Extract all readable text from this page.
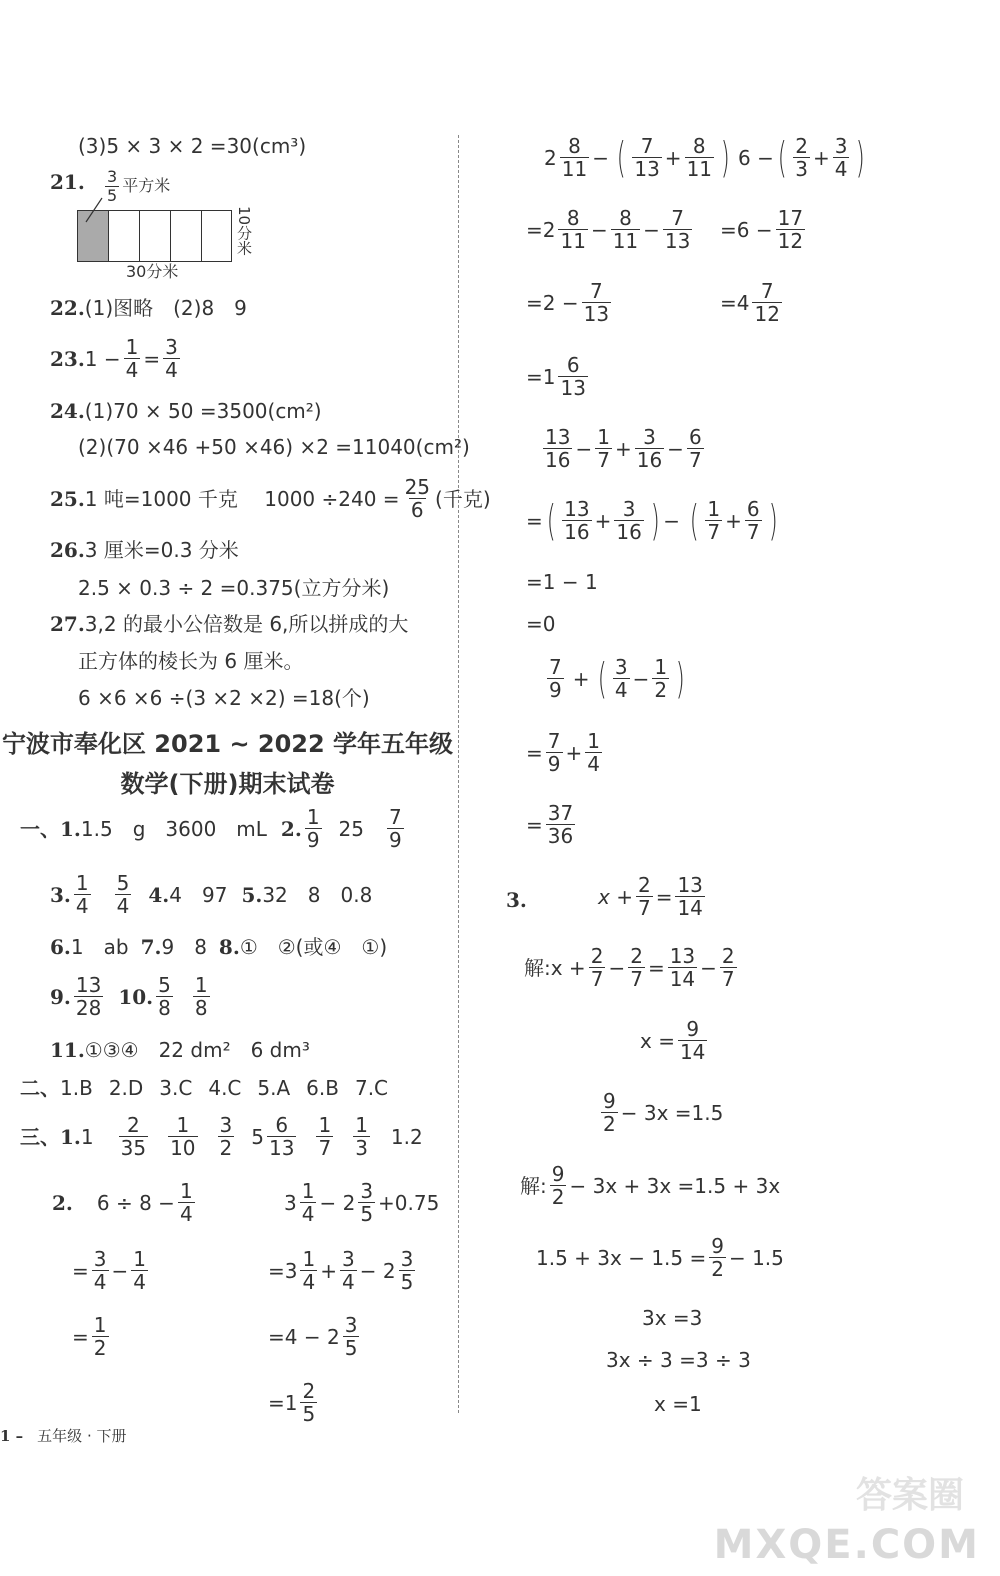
(3)5 × 3 × 2 =30(cm³)
21. 3
5 平方米
10分米
30分米
22. (1)图略　(2)8　9
23. $1 - \frac{1}{4} = \frac{3}{4}$
24. (1)70 × 50 =3500(cm²)
(2)(70 ×46 +50 ×46) ×2 =11040(cm²)
25. 1 吨=1000 千克　 $1000 \div 240 = \frac{25}{6}$ (千克)
26. 3 厘米=0.3 分米
2.5 × 0.3 ÷ 2 =0.375(立方分米)
27. 3,2 的最小公倍数是 6,所以拼成的大
正方体的棱长为 6 厘米。
6 ×6 ×6 ÷(3 ×2 ×2) =18(个)
宁波市奉化区 2021 ~ 2022 学年五年级
数学(下册)期末试卷
一、 1. 1.5　g　3600　mL 2. 1
9 25 7
9
3. 1
4
5
4 4. 4　97 5. 32　8　0.8
6. 1　ab 7. 9　8 8. ①　②(或④　①)
9. 13
28 10. 5
8
1
8
11. ①③④　22 dm²　6 dm³
二、 1.B 2.D 3.C 4.C 5.A 6.B 7.C
三、 1. 1 2
35
1
10
3
2 5 6
13
1
7
1
3 1.2
2. $6 \div 8 - \frac{1}{4}$
= $\frac{3}{4} - \frac{1}{4}$
= $\frac{1}{2}$
3 1
4 − 2 3
5 +0.75
=3 1
$4 + \frac{3}{4} - 2$ 3
5
=4 − 2 3
5
=1 2
5
2 8
11 − ( 7
$13 + \frac{8}{11}$ ) 6 − ( 2
$3 + \frac{3}{4}$ )
=2 8
$11 - \frac{8}{11} - \frac{7}{13} =6 - \frac{17}{12}$
$=2 - \frac{7}{13}$	=4 7
12
=1 6
13
13
$16 - \frac{1}{7} + \frac{3}{16} - \frac{6}{7}$
= ( 13
$16 + \frac{3}{16}$ ) − ( 1
$7 + \frac{6}{7}$ )
=1 − 1
=0
7
9 + ( 3
$4 - \frac{1}{2}$ )
= $\frac{7}{9} + \frac{1}{4}$
= $\frac{37}{36}$
3.	$x + \frac{2}{7} = \frac{13}{14}$
解:x + $\frac{2}{7} - \frac{2}{7} = \frac{13}{14} - \frac{2}{7}$
$x = \frac{9}{14}$
9
2 − 3x =1.5
解: 9
2 − 3x + 3x =1.5 + 3x
$1.5 + 3x - 1.5 = \frac{9}{2} - 1.5$
3x =3
3x ÷ 3 =3 ÷ 3
x =1
1 – 五年级 · 下册
答案圈
MXQE.COM
